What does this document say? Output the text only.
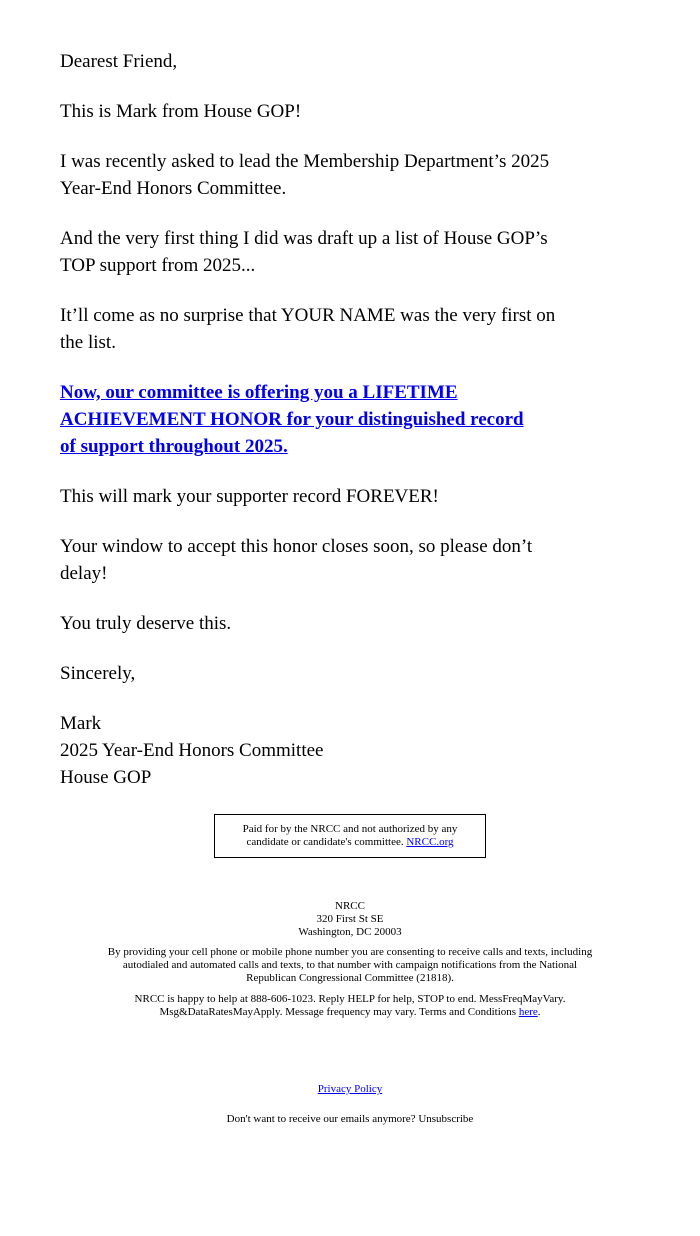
Dearest Friend,

This is Mark from House GOP!

I was recently asked to lead the Membership Department’s 2025
Year-End Honors Committee.

And the very first thing I did was draft up a list of House GOP’s
TOP support from 2025...

It’ll come as no surprise that YOUR NAME was the very first on
the list.

Now, our committee is offering you a LIFETIME
ACHIEVEMENT HONOR for your distinguished record
of support throughout 2025.

This will mark your supporter record FOREVER!

Your window to accept this honor closes soon, so please don’t
delay!

You truly deserve this.

Sincerely,

Mark
2025 Year-End Honors Committee
House GOP

Paid for by the NRCC and not authorized by any
candidate or candidate's committee. NRCC.org
NRCC
320 First St SE
Washington, DC 20003
By providing your cell phone or mobile phone number you are consenting to receive calls and texts, including
autodialed and automated calls and texts, to that number with campaign notifications from the National
Republican Congressional Committee (21818).
NRCC is happy to help at 888-606-1023. Reply HELP for help, STOP to end. MessFreqMayVary.
Msg&DataRatesMayApply. Message frequency may vary. Terms and Conditions here.
Privacy Policy
Don't want to receive our emails anymore? Unsubscribe
